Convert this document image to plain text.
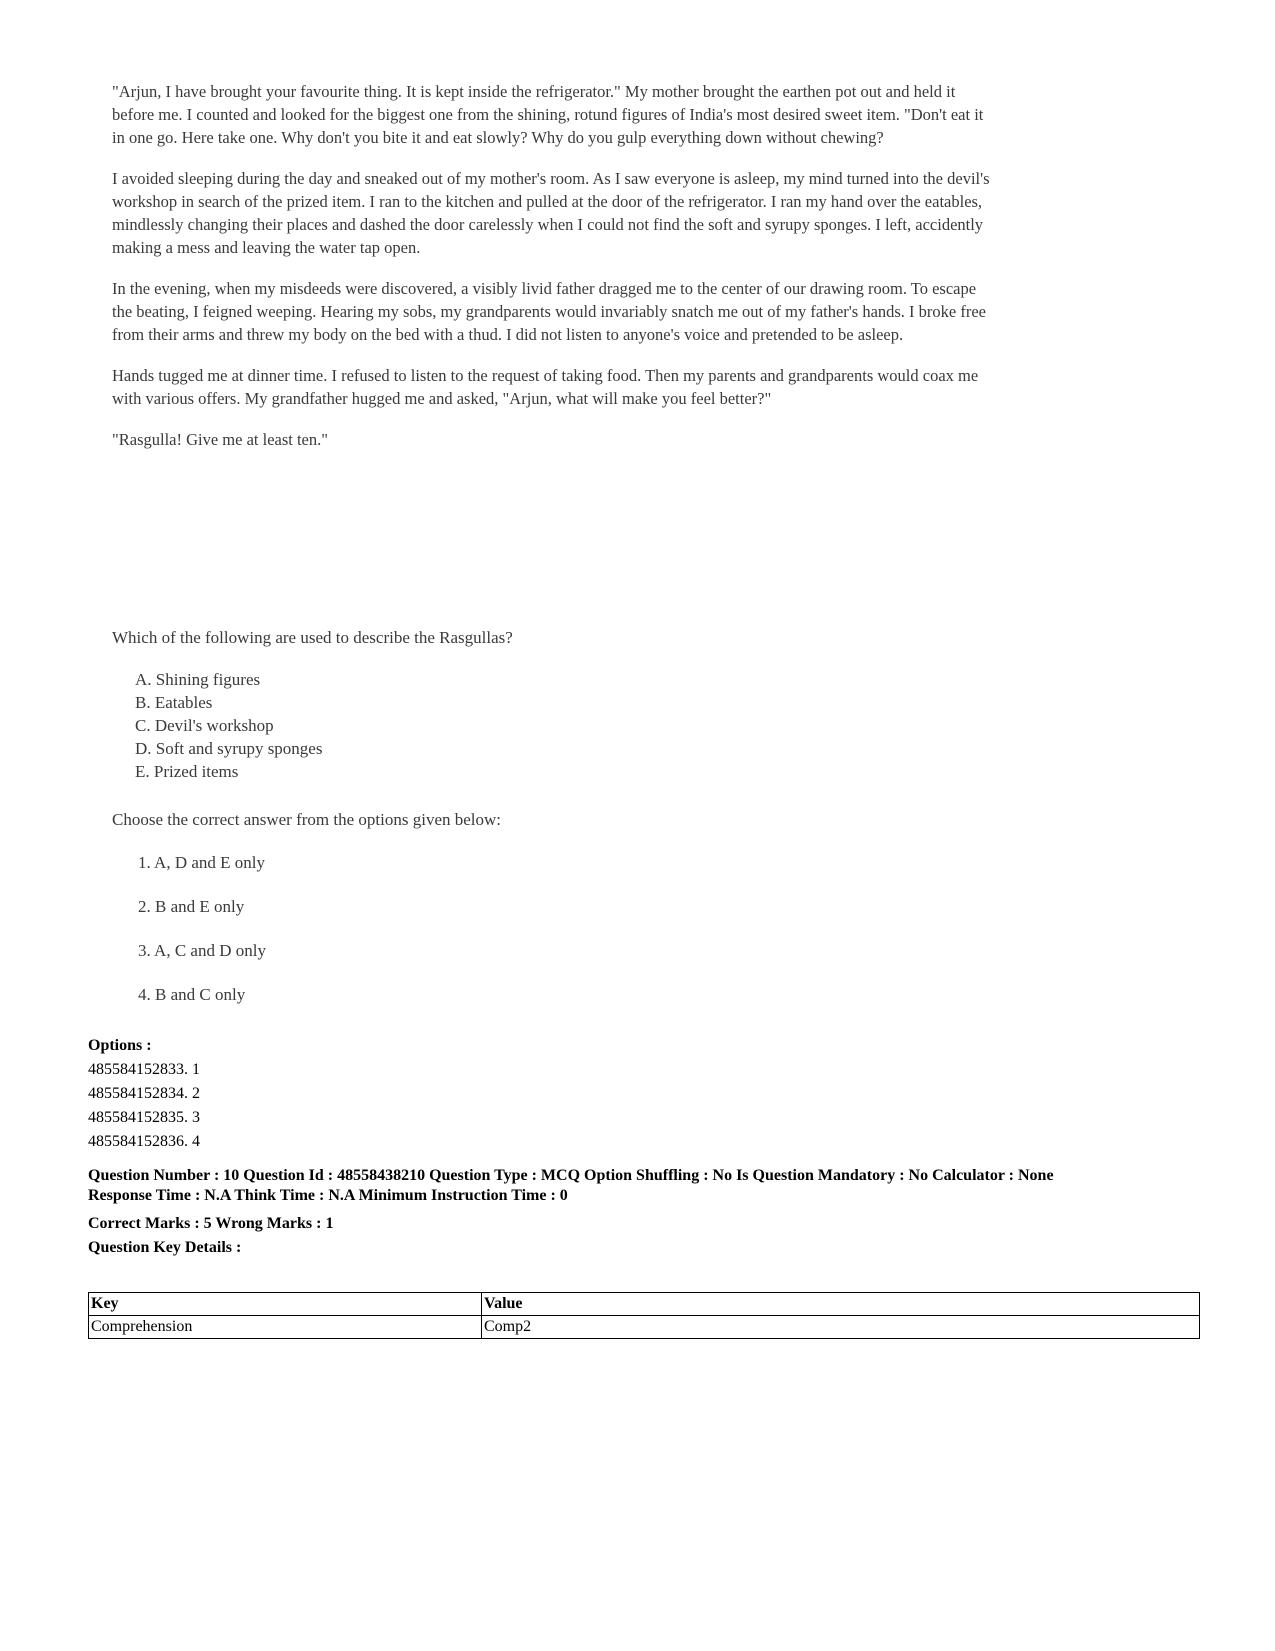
"Arjun, I have brought your favourite thing. It is kept inside the refrigerator." My mother brought the earthen pot out and held it before me. I counted and looked for the biggest one from the shining, rotund figures of India's most desired sweet item. "Don't eat it in one go. Here take one. Why don't you bite it and eat slowly? Why do you gulp everything down without chewing?

I avoided sleeping during the day and sneaked out of my mother's room. As I saw everyone is asleep, my mind turned into the devil's workshop in search of the prized item. I ran to the kitchen and pulled at the door of the refrigerator. I ran my hand over the eatables, mindlessly changing their places and dashed the door carelessly when I could not find the soft and syrupy sponges. I left, accidently making a mess and leaving the water tap open.

In the evening, when my misdeeds were discovered, a visibly livid father dragged me to the center of our drawing room. To escape the beating, I feigned weeping. Hearing my sobs, my grandparents would invariably snatch me out of my father's hands. I broke free from their arms and threw my body on the bed with a thud. I did not listen to anyone's voice and pretended to be asleep.

Hands tugged me at dinner time. I refused to listen to the request of taking food. Then my parents and grandparents would coax me with various offers. My grandfather hugged me and asked, "Arjun, what will make you feel better?"

"Rasgulla! Give me at least ten."

Which of the following are used to describe the Rasgullas?
A. Shining figures
B. Eatables
C. Devil's workshop
D. Soft and syrupy sponges
E. Prized items
Choose the correct answer from the options given below:
1. A, D and E only
2. B and E only
3. A, C and D only
4. B and C only
Options :
485584152833. 1
485584152834. 2
485584152835. 3
485584152836. 4
Question Number : 10 Question Id : 48558438210 Question Type : MCQ Option Shuffling : No Is Question Mandatory : No Calculator : None
Response Time : N.A Think Time : N.A Minimum Instruction Time : 0
Correct Marks : 5 Wrong Marks : 1
Question Key Details :
Key	Value
Comprehension	Comp2
